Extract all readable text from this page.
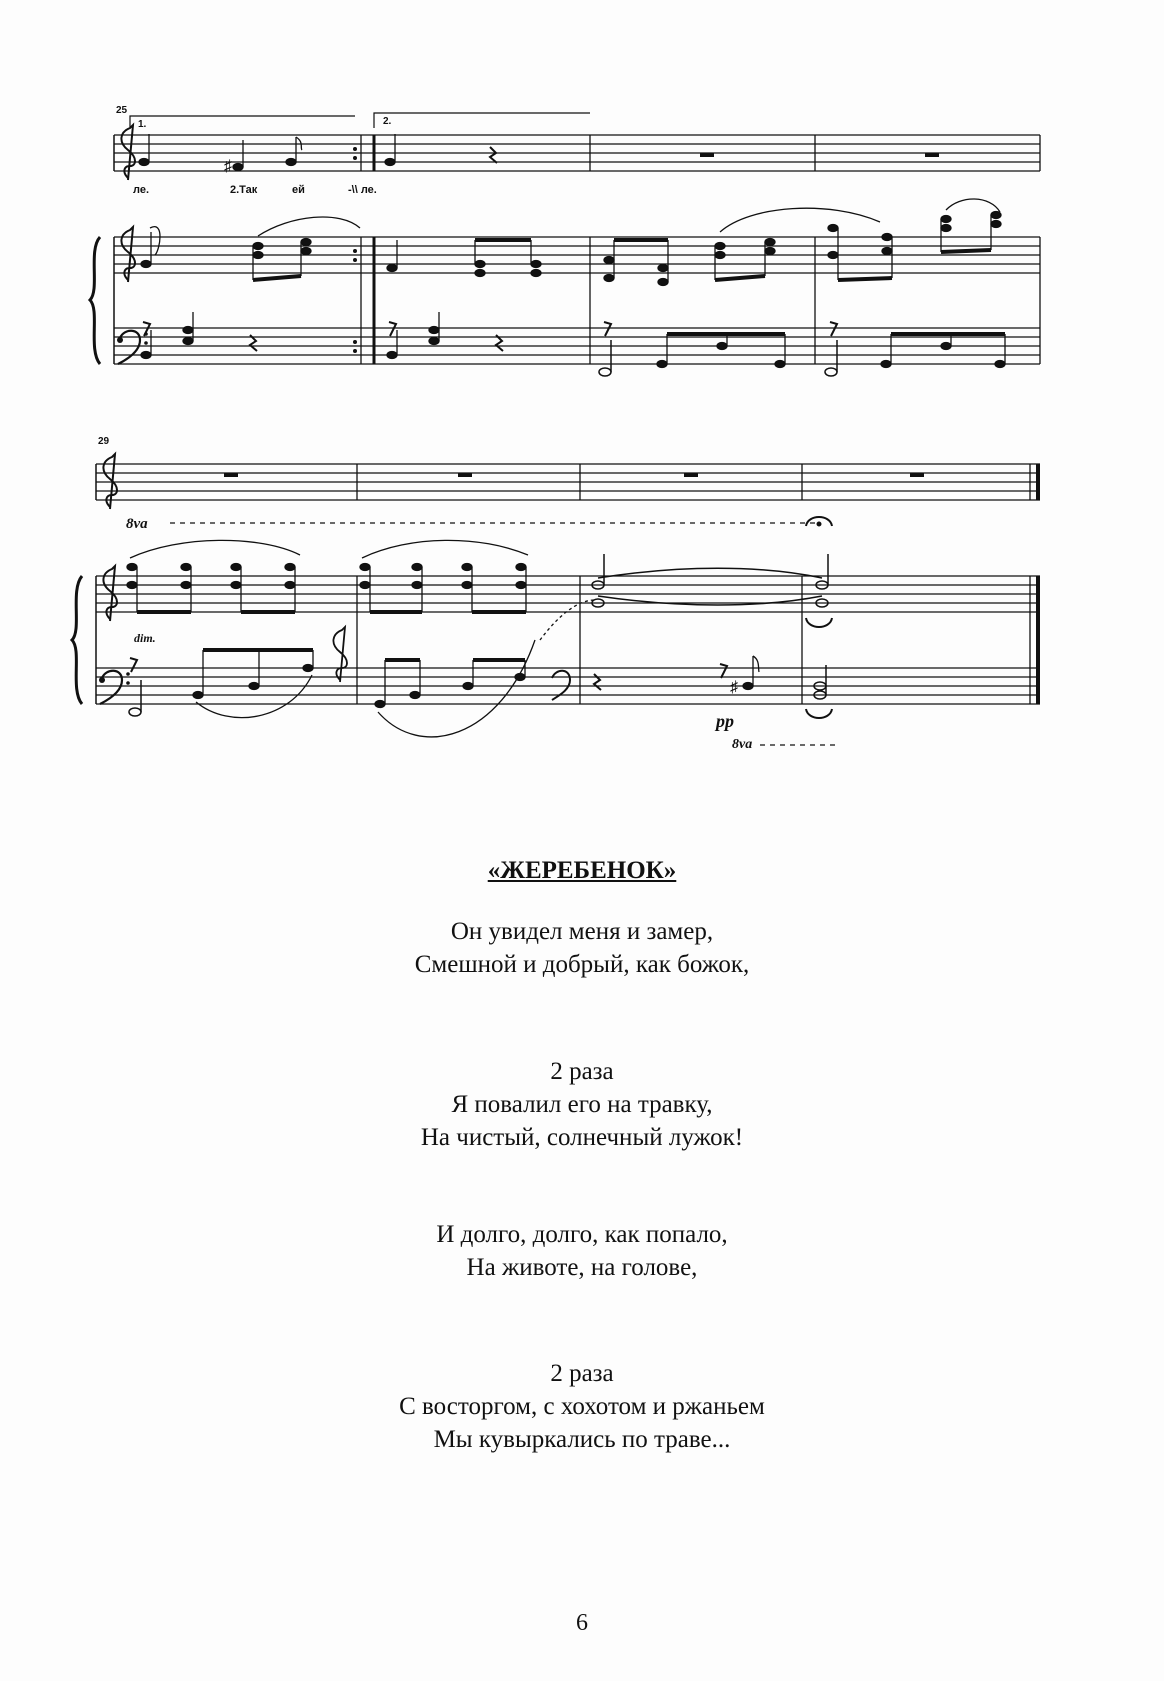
♯
♯
25
1.	2.
ле.	2.Так	ей	-\\ ле.
29
8va
8va
dim.
pp
«ЖЕРЕБЕНОК»
Он увидел меня и замер,
Смешной и добрый, как божок,
2 раза
Я повалил его на травку,
На чистый, солнечный лужок!
И долго, долго, как попало,
На животе, на голове,
2 раза
С восторгом, с хохотом и ржаньем
Мы кувыркались по траве...
6
